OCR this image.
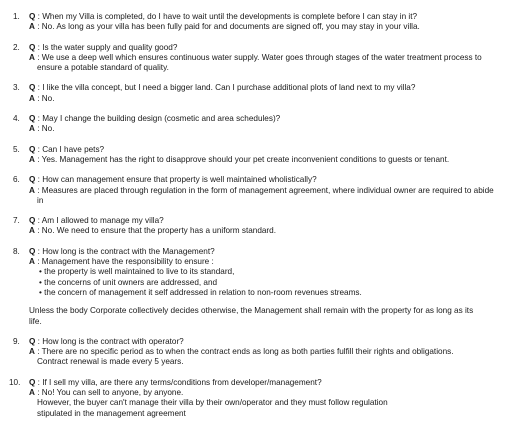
1. Q : When my Villa is completed, do I have to wait until the developments is complete before I can stay in it?
A : No. As long as your villa has been fully paid for and documents are signed off, you may stay in your villa.
2. Q : Is the water supply and quality good?
A : We use a deep well which ensures continuous water supply. Water goes through stages of the water treatment process to ensure a potable standard of quality.
3. Q : I like the villa concept, but I need a bigger land. Can I purchase additional plots of land next to my villa?
A : No.
4. Q : May I change the building design (cosmetic and area schedules)?
A : No.
5. Q : Can I have pets?
A : Yes. Management has the right to disapprove should your pet create inconvenient conditions to guests or tenant.
6. Q : How can management ensure that property is well maintained wholistically?
A : Measures are placed through regulation in the form of management agreement, where individual owner are required to abide in
7. Q : Am I allowed to manage my villa?
A : No. We need to ensure that the property has a uniform standard.
8. Q : How long is the contract with the Management?
A : Management have the responsibility to ensure :
• the property is well maintained to live to its standard,
• the concerns of unit owners are addressed, and
• the concern of management it self addressed in relation to non-room revenues streams.
Unless the body Corporate collectively decides otherwise, the Management shall remain with the property for as long as its life.
9. Q : How long is the contract with operator?
A : There are no specific period as to when the contract ends as long as both parties fulfill their rights and obligations. Contract renewal is made every 5 years.
10. Q : If I sell my villa, are there any terms/conditions from developer/management?
A : No! You can sell to anyone, by anyone.
However, the buyer can't manage their villa by their own/operator and they must follow regulation
stipulated in the management agreement
